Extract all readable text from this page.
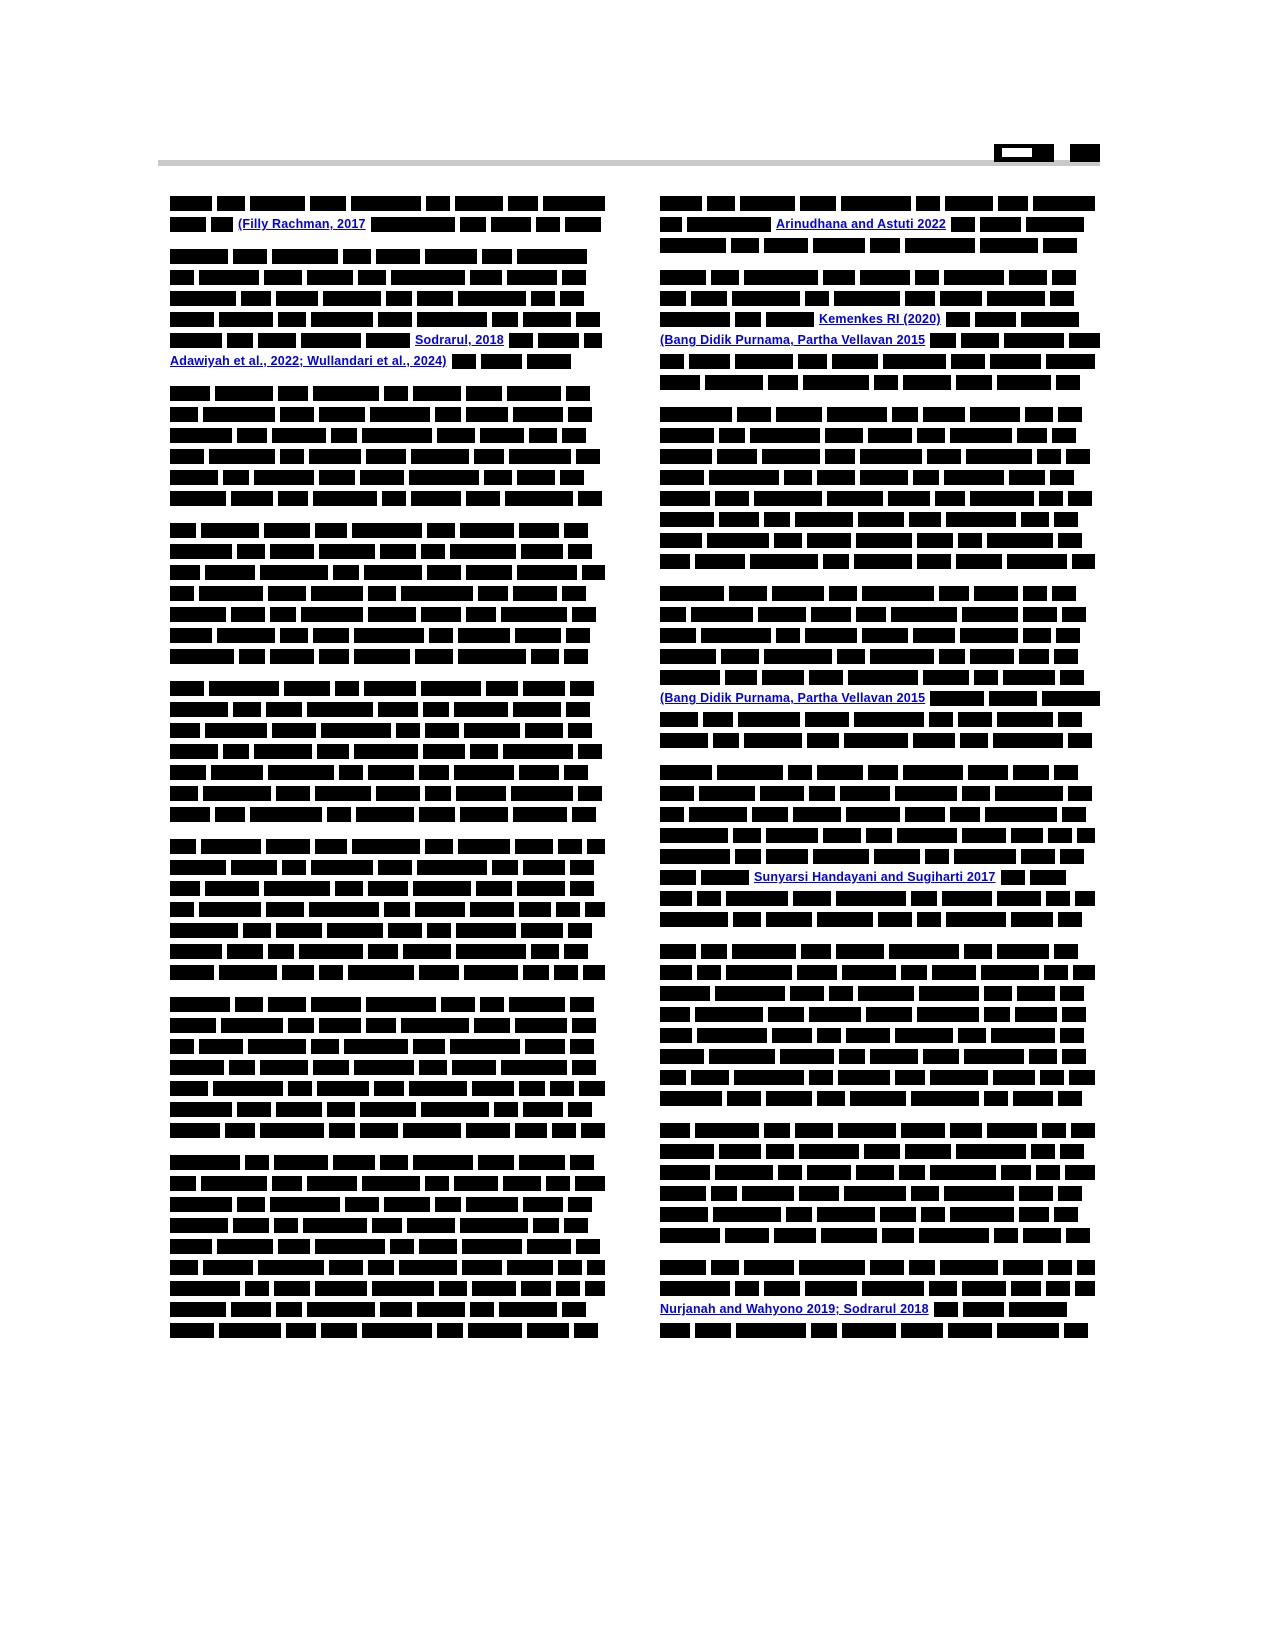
(Filly Rachman, 2017
Sodrarul, 2018
Adawiyah et al., 2022; Wullandari et al., 2024)
Arinudhana and Astuti 2022
Kemenkes RI (2020)
(Bang Didik Purnama, Partha Vellavan 2015
(Bang Didik Purnama, Partha Vellavan 2015
Sunyarsi Handayani and Sugiharti 2017
Nurjanah and Wahyono 2019; Sodrarul 2018
